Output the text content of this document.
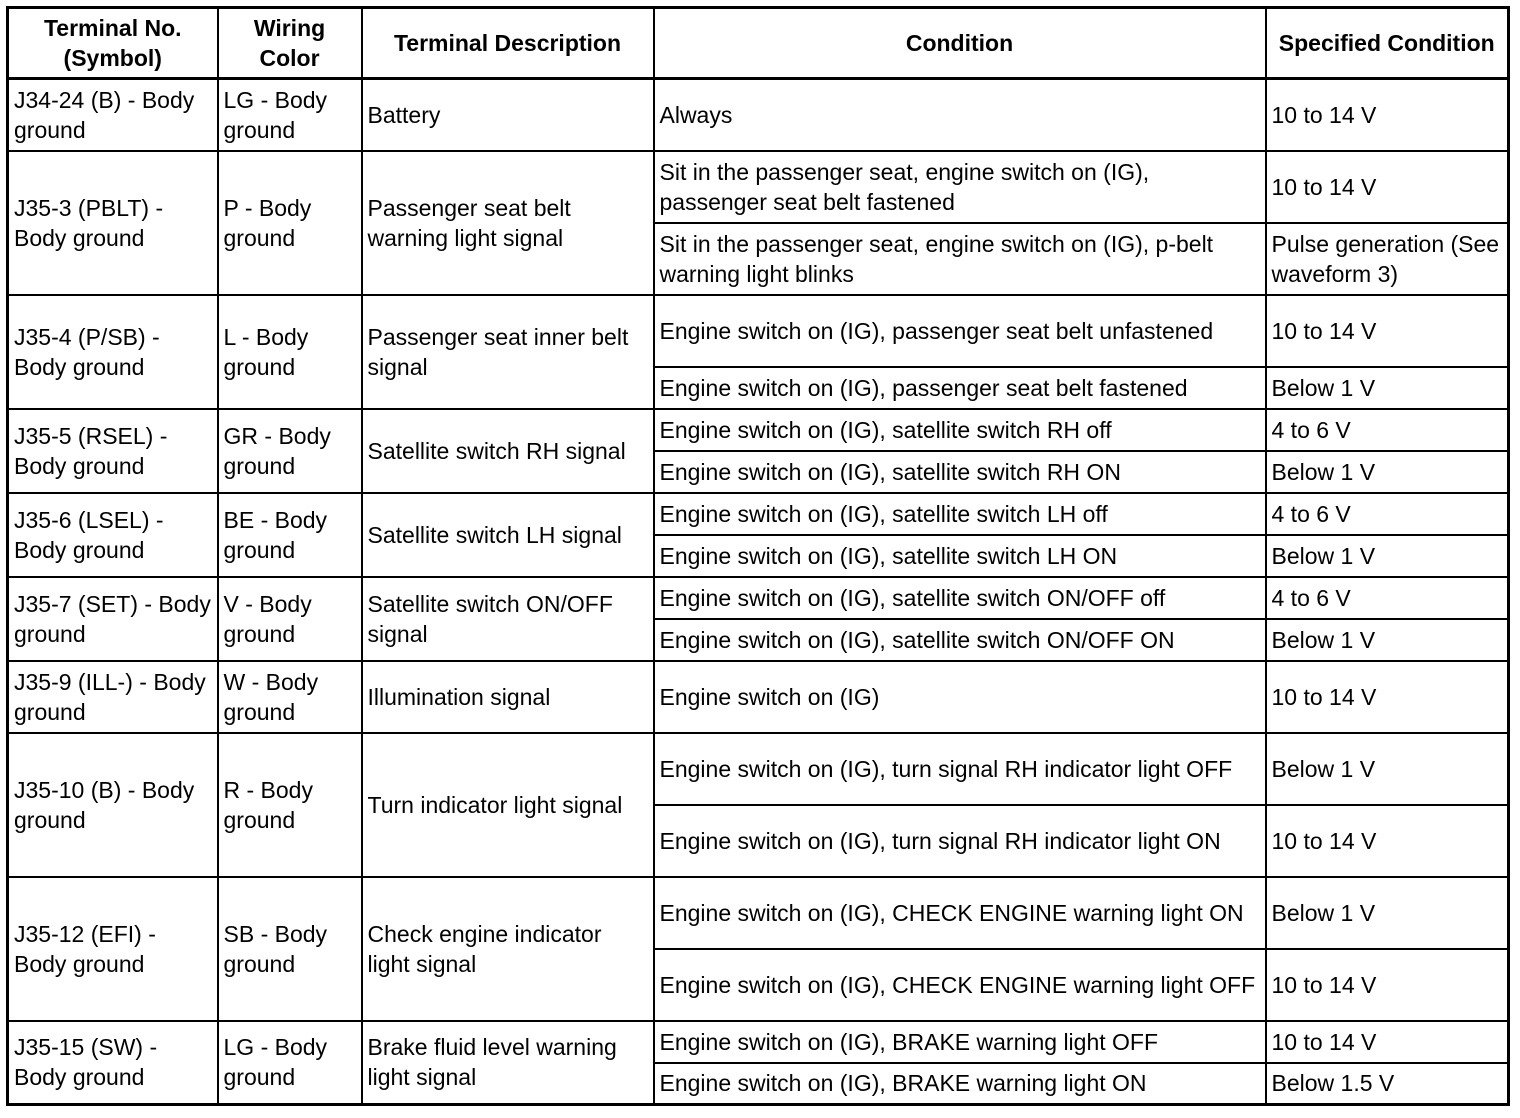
Terminal No. (Symbol)	Wiring Color	Terminal Description	Condition	Specified Condition
J34-24 (B) - Body ground	LG - Body ground	Battery	Always	10 to 14 V
J35-3 (PBLT) - Body ground	P - Body ground	Passenger seat belt warning light signal	Sit in the passenger seat, engine switch on (IG), passenger seat belt fastened	10 to 14 V
			Sit in the passenger seat, engine switch on (IG), p-belt warning light blinks	Pulse generation (See waveform 3)
J35-4 (P/SB) - Body ground	L - Body ground	Passenger seat inner belt signal	Engine switch on (IG), passenger seat belt unfastened	10 to 14 V
			Engine switch on (IG), passenger seat belt fastened	Below 1 V
J35-5 (RSEL) - Body ground	GR - Body ground	Satellite switch RH signal	Engine switch on (IG), satellite switch RH off	4 to 6 V
			Engine switch on (IG), satellite switch RH ON	Below 1 V
J35-6 (LSEL) - Body ground	BE - Body ground	Satellite switch LH signal	Engine switch on (IG), satellite switch LH off	4 to 6 V
			Engine switch on (IG), satellite switch LH ON	Below 1 V
J35-7 (SET) - Body ground	V - Body ground	Satellite switch ON/OFF signal	Engine switch on (IG), satellite switch ON/OFF off	4 to 6 V
			Engine switch on (IG), satellite switch ON/OFF ON	Below 1 V
J35-9 (ILL-) - Body ground	W - Body ground	Illumination signal	Engine switch on (IG)	10 to 14 V
J35-10 (B) - Body ground	R - Body ground	Turn indicator light signal	Engine switch on (IG), turn signal RH indicator light OFF	Below 1 V
			Engine switch on (IG), turn signal RH indicator light ON	10 to 14 V
J35-12 (EFI) - Body ground	SB - Body ground	Check engine indicator light signal	Engine switch on (IG), CHECK ENGINE warning light ON	Below 1 V
			Engine switch on (IG), CHECK ENGINE warning light OFF	10 to 14 V
J35-15 (SW) - Body ground	LG - Body ground	Brake fluid level warning light signal	Engine switch on (IG), BRAKE warning light OFF	10 to 14 V
			Engine switch on (IG), BRAKE warning light ON	Below 1.5 V
